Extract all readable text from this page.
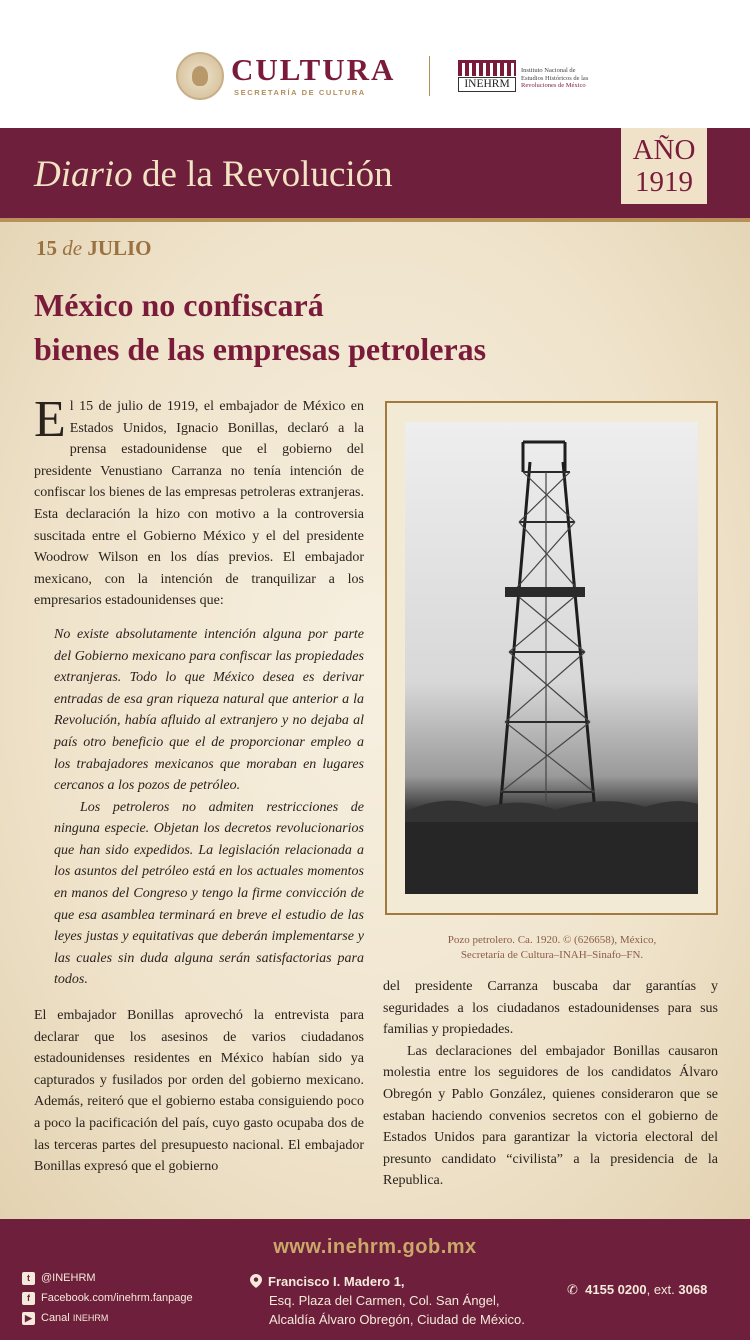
CULTURA
SECRETARÍA DE CULTURA
INEHRM
Instituto Nacional de
Estudios Históricos de las
Revoluciones de México
Diario de la Revolución
AÑO
1919
15 de JULIO
México no confiscará
bienes de las empresas petroleras

El 15 de julio de 1919, el embajador de México en Estados Unidos, Ignacio Bonillas, declaró a la prensa estadounidense que el gobierno del presidente Venustiano Carranza no tenía intención de confiscar los bienes de las empresas petroleras extranjeras. Esta declaración la hizo con motivo a la controversia suscitada entre el Gobierno México y el del presidente Woodrow Wilson en los días previos. El embajador mexicano, con la intención de tranquilizar a los empresarios estadounidenses que:

No existe absolutamente intención alguna por parte del Gobierno mexicano para confiscar las propiedades extranjeras. Todo lo que México desea es derivar entradas de esa gran riqueza natural que anterior a la Revolución, había afluido al extranjero y no dejaba al país otro beneficio que el de proporcionar empleo a los trabajadores mexicanos que moraban en lugares cercanos a los pozos de petróleo.

Los petroleros no admiten restricciones de ninguna especie. Objetan los decretos revolucionarios que han sido expedidos. La legislación relacionada a los asuntos del petróleo está en los actuales momentos en manos del Congreso y tengo la firme convicción de que esa asamblea terminará en breve el estudio de las leyes justas y equitativas que deberán implementarse y las cuales sin duda alguna serán satisfactorias para todos.

El embajador Bonillas aprovechó la entrevista para declarar que los asesinos de varios ciudadanos estadounidenses residentes en México habían sido ya capturados y fusilados por orden del gobierno mexicano. Además, reiteró que el gobierno estaba consiguiendo poco a poco la pacificación del país, cuyo gasto ocupaba dos de las terceras partes del presupuesto nacional. El embajador Bonillas expresó que el gobierno

Pozo petrolero. Ca. 1920. © (626658), México,
Secretaría de Cultura–INAH–Sinafo–FN.

del presidente Carranza buscaba dar garantías y seguridades a los ciudadanos estadounidenses para sus familias y propiedades.

Las declaraciones del embajador Bonillas causaron molestia entre los seguidores de los candidatos Álvaro Obregón y Pablo González, quienes consideraron que se estaban haciendo convenios secretos con el gobierno de Estados Unidos para garantizar la victoria electoral del presunto candidato “civilista” a la presidencia de la Republica.

www.inehrm.gob.mx
t	@INEHRM
f	Facebook.com/inehrm.fanpage
▶ Canal
INEHRM
Francisco I. Madero 1,
Esq. Plaza del Carmen, Col. San Ángel,
Alcaldía Álvaro Obregón, Ciudad de México.
✆ 4155 0200, ext. 3068
